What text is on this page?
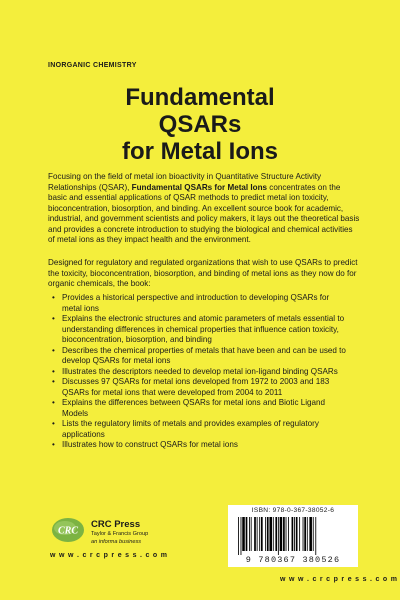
INORGANIC CHEMISTRY
Fundamental
QSARs
for Metal Ions
Focusing on the field of metal ion bioactivity in Quantitative Structure Activity Relationships (QSAR), Fundamental QSARs for Metal Ions concentrates on the basic and essential applications of QSAR methods to predict metal ion toxicity, bioconcentration, biosorption, and binding. An excellent source book for academic, industrial, and government scientists and policy makers, it lays out the theoretical basis and provides a concrete introduction to studying the biological and chemical activities of metal ions as they impact health and the environment.
Designed for regulatory and regulated organizations that wish to use QSARs to predict the toxicity, bioconcentration, biosorption, and binding of metal ions as they now do for organic chemicals, the book:
• Provides a historical perspective and introduction to developing QSARs for metal ions
• Explains the electronic structures and atomic parameters of metals essential to understanding differences in chemical properties that influence cation toxicity, bioconcentration, biosorption, and binding
• Describes the chemical properties of metals that have been and can be used to develop QSARs for metal ions
• Illustrates the descriptors needed to develop metal ion-ligand binding QSARs
• Discusses 97 QSARs for metal ions developed from 1972 to 2003 and 183 QSARs for metal ions that were developed from 2004 to 2011
• Explains the differences between QSARs for metal ions and Biotic Ligand Models
• Lists the regulatory limits of metals and provides examples of regulatory applications
• Illustrates how to construct QSARs for metal ions
CRC
CRC Press
Taylor & Francis Group
an informa business
w w w . c r c p r e s s . c o m
ISBN: 978-0-367-38052-6
9 780367 380526
w w w . c r c p r e s s . c o m
